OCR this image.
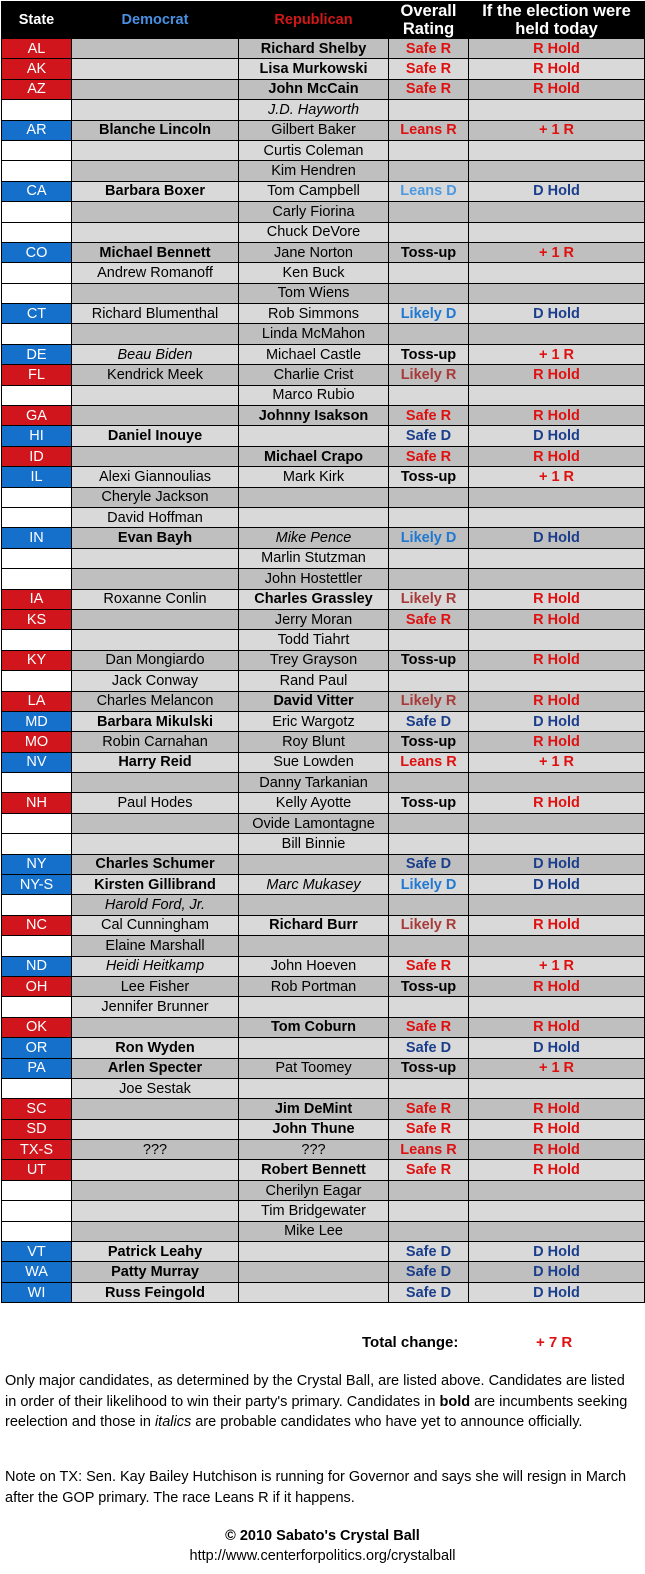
State	Democrat	Republican	Overall Rating	If the election were held today
AL		Richard Shelby	Safe R	R Hold
AK		Lisa Murkowski	Safe R	R Hold
AZ		John McCain	Safe R	R Hold
		J.D. Hayworth		
AR	Blanche Lincoln	Gilbert Baker	Leans R	+ 1 R
		Curtis Coleman		
		Kim Hendren		
CA	Barbara Boxer	Tom Campbell	Leans D	D Hold
		Carly Fiorina		
		Chuck DeVore		
CO	Michael Bennett	Jane Norton	Toss-up	+ 1 R
	Andrew Romanoff	Ken Buck		
		Tom Wiens		
CT	Richard Blumenthal	Rob Simmons	Likely D	D Hold
		Linda McMahon		
DE	Beau Biden	Michael Castle	Toss-up	+ 1 R
FL	Kendrick Meek	Charlie Crist	Likely R	R Hold
		Marco Rubio		
GA		Johnny Isakson	Safe R	R Hold
HI	Daniel Inouye		Safe D	D Hold
ID		Michael Crapo	Safe R	R Hold
IL	Alexi Giannoulias	Mark Kirk	Toss-up	+ 1 R
	Cheryle Jackson			
	David Hoffman			
IN	Evan Bayh	Mike Pence	Likely D	D Hold
		Marlin Stutzman		
		John Hostettler		
IA	Roxanne Conlin	Charles Grassley	Likely R	R Hold
KS		Jerry Moran	Safe R	R Hold
		Todd Tiahrt		
KY	Dan Mongiardo	Trey Grayson	Toss-up	R Hold
	Jack Conway	Rand Paul		
LA	Charles Melancon	David Vitter	Likely R	R Hold
MD	Barbara Mikulski	Eric Wargotz	Safe D	D Hold
MO	Robin Carnahan	Roy Blunt	Toss-up	R Hold
NV	Harry Reid	Sue Lowden	Leans R	+ 1 R
		Danny Tarkanian		
NH	Paul Hodes	Kelly Ayotte	Toss-up	R Hold
		Ovide Lamontagne		
		Bill Binnie		
NY	Charles Schumer		Safe D	D Hold
NY-S	Kirsten Gillibrand	Marc Mukasey	Likely D	D Hold
	Harold Ford, Jr.			
NC	Cal Cunningham	Richard Burr	Likely R	R Hold
	Elaine Marshall			
ND	Heidi Heitkamp	John Hoeven	Safe R	+ 1 R
OH	Lee Fisher	Rob Portman	Toss-up	R Hold
	Jennifer Brunner			
OK		Tom Coburn	Safe R	R Hold
OR	Ron Wyden		Safe D	D Hold
PA	Arlen Specter	Pat Toomey	Toss-up	+ 1 R
	Joe Sestak			
SC		Jim DeMint	Safe R	R Hold
SD		John Thune	Safe R	R Hold
TX-S	???	???	Leans R	R Hold
UT		Robert Bennett	Safe R	R Hold
		Cherilyn Eagar		
		Tim Bridgewater		
		Mike Lee		
VT	Patrick Leahy		Safe D	D Hold
WA	Patty Murray		Safe D	D Hold
WI	Russ Feingold		Safe D	D Hold
Total change:	+ 7 R
Only major candidates, as determined by the Crystal Ball, are listed above. Candidates are listed in order of their likelihood to win their party's primary. Candidates in bold are incumbents seeking reelection and those in italics are probable candidates who have yet to announce officially.
Note on TX: Sen. Kay Bailey Hutchison is running for Governor and says she will resign in March after the GOP primary. The race Leans R if it happens.
© 2010 Sabato's Crystal Ball
http://www.centerforpolitics.org/crystalball
